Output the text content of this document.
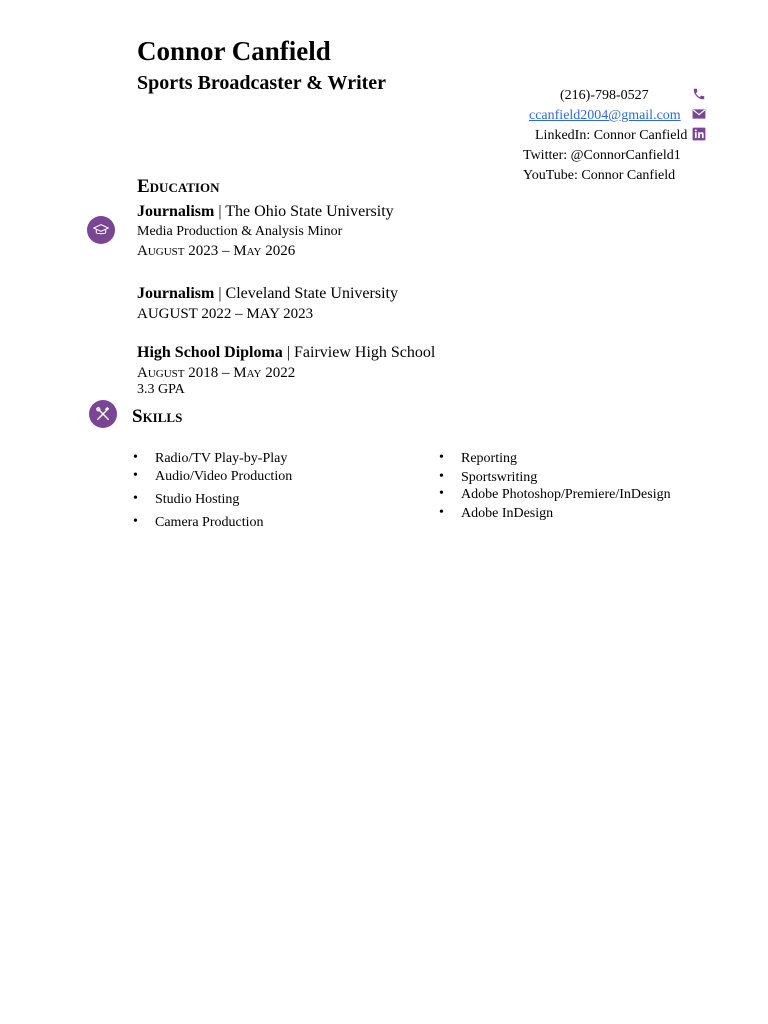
Connor Canfield
Sports Broadcaster & Writer
(216)-798-0527
ccanfield2004@gmail.com
LinkedIn: Connor Canfield
Twitter: @ConnorCanfield1
YouTube: Connor Canfield
Education
Journalism | The Ohio State University
Media Production & Analysis Minor
August 2023 – May 2026
Journalism | Cleveland State University
AUGUST 2022 – MAY 2023
High School Diploma | Fairview High School
August 2018 – May 2022
3.3 GPA
Skills
• Radio/TV Play-by-Play
• Audio/Video Production
• Studio Hosting
• Camera Production
• Reporting
• Sportswriting
• Adobe Photoshop/Premiere/InDesign
• Adobe InDesign
